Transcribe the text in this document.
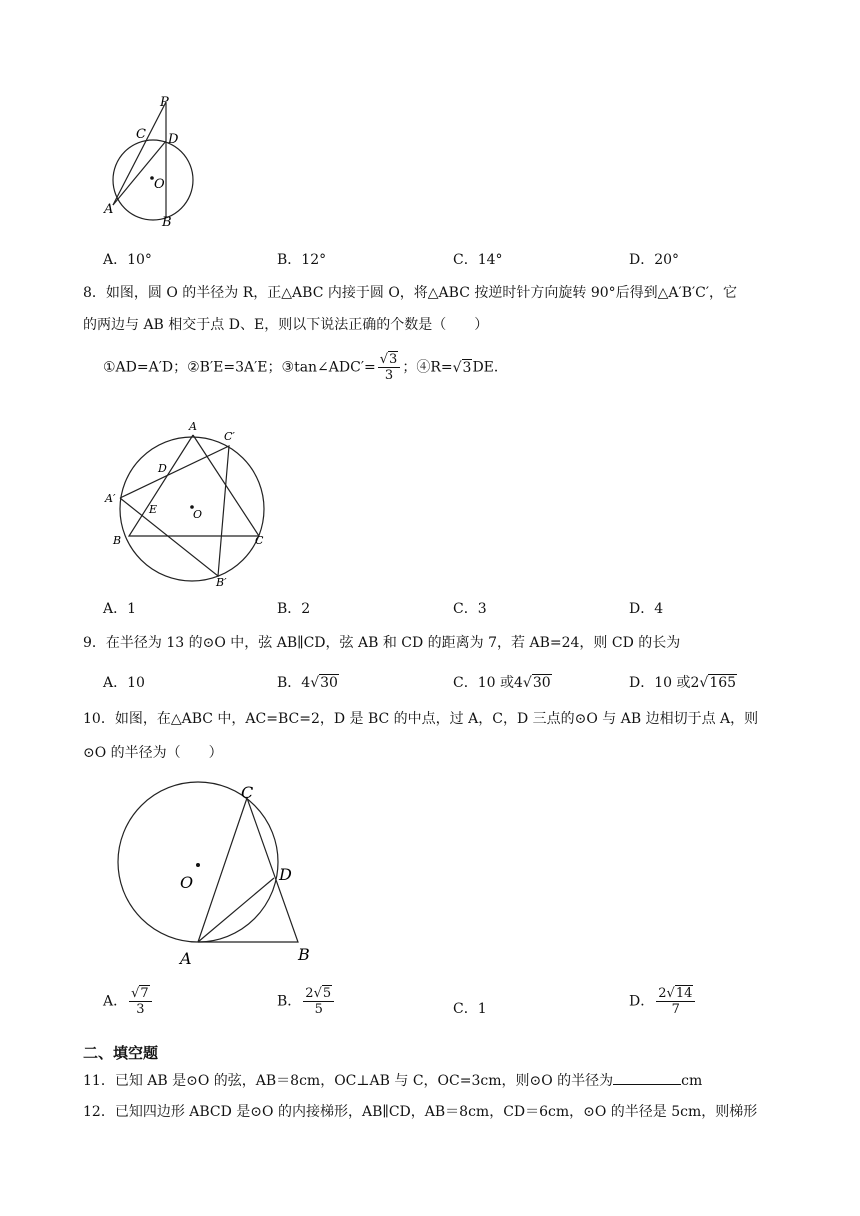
P
C D
O
A
B
A．10°	B．12°	C．14°	D．20°
8．如图，圆 O 的半径为 R，正△ABC 内接于圆 O，将△ABC 按逆时针方向旋转 90°后得到△A′B′C′，它
的两边与 AB 相交于点 D、E，则以下说法正确的个数是（　　）
①AD=A′D；②B′E=3A′E；③tan∠ADC′= $\frac{√3}{3}$ ；④R=√3DE．
A
C′
D
A′
E	O
B	C
B′
A．1	B．2	C．3	D．4
9．在半径为 13 的⊙O 中，弦 AB∥CD，弦 AB 和 CD 的距离为 7，若 AB=24，则 CD 的长为
A．10	B．4√30	C．10 或4√30	D．10 或2√165
10．如图，在△ABC 中，AC=BC=2，D 是 BC 的中点，过 A，C，D 三点的⊙O 与 AB 边相切于点 A，则
⊙O 的半径为（　　）
C
O	D
A	B
A． $\frac{√7}{3}$	B． $\frac{2√5}{5}$	C．1	D． $\frac{2√14}{7}$
二、填空题
11．已知 AB 是⊙O 的弦，AB＝8cm，OC⊥AB 与 C，OC=3cm，则⊙O 的半径为	cm
12．已知四边形 ABCD 是⊙O 的内接梯形，AB∥CD，AB＝8cm，CD＝6cm，⊙O 的半径是 5cm，则梯形
